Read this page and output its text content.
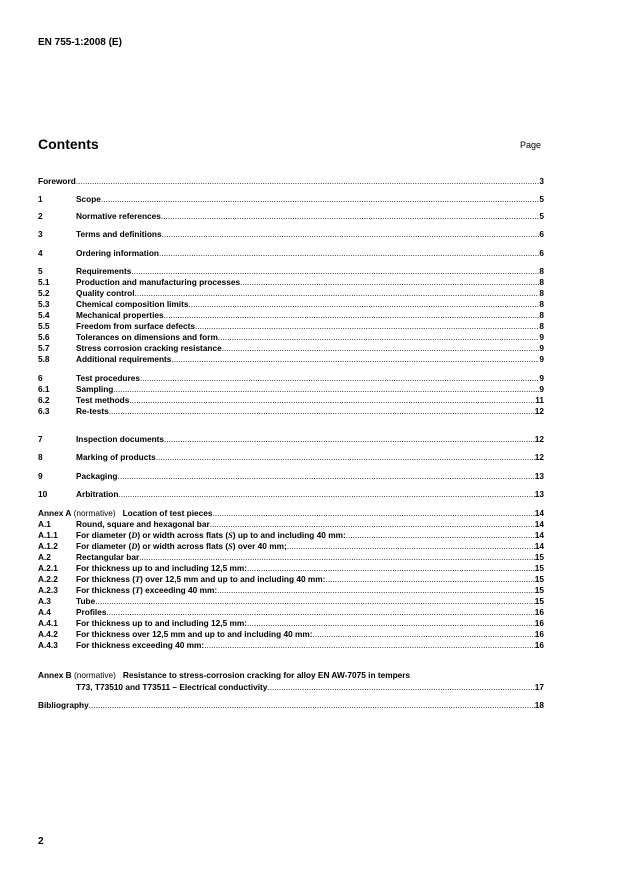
EN 755-1:2008 (E)
Contents	Page
Foreword .....	3
1	Scope .....	5
2	Normative references .....	5
3	Terms and definitions .....	6
4	Ordering information .....	6
5	Requirements .....	8
5.1	Production and manufacturing processes .....	8
5.2	Quality control .....	8
5.3	Chemical composition limits .....	8
5.4	Mechanical properties .....	8
5.5	Freedom from surface defects .....	8
5.6	Tolerances on dimensions and form .....	9
5.7	Stress corrosion cracking resistance .....	9
5.8	Additional requirements .....	9
6	Test procedures .....	9
6.1	Sampling .....	9
6.2	Test methods .....	11
6.3	Re-tests .....	12
7	Inspection documents .....	12
8	Marking of products .....	12
9	Packaging .....	13
10	Arbitration .....	13
Annex A
(normative)
Location of test pieces .....	14
A.1	Round, square and hexagonal bar .....	14
A.1.1 For diameter (D) or width across flats (S) up to and including 40 mm: .....	14
A.1.2 For diameter (D) or width across flats (S) over 40 mm; .....	14
A.2	Rectangular bar .....	15
A.2.1 For thickness up to and including 12,5 mm: .....	15
A.2.2 For thickness (T) over 12,5 mm and up to and including 40 mm: .....	15
A.2.3 For thickness (T) exceeding 40 mm: .....	15
A.3	Tube .....	15
A.4	Profiles .....	16
A.4.1 For thickness up to and including 12,5 mm: .....	16
A.4.2 For thickness over 12,5 mm and up to and including 40 mm: .....	16
A.4.3 For thickness exceeding 40 mm: .....	16
Annex B
(normative)
Resistance to stress-corrosion cracking for alloy EN AW-7075 in tempers
T73, T73510 and T73511 – Electrical conductivity .....	17
Bibliography .....	18
2
